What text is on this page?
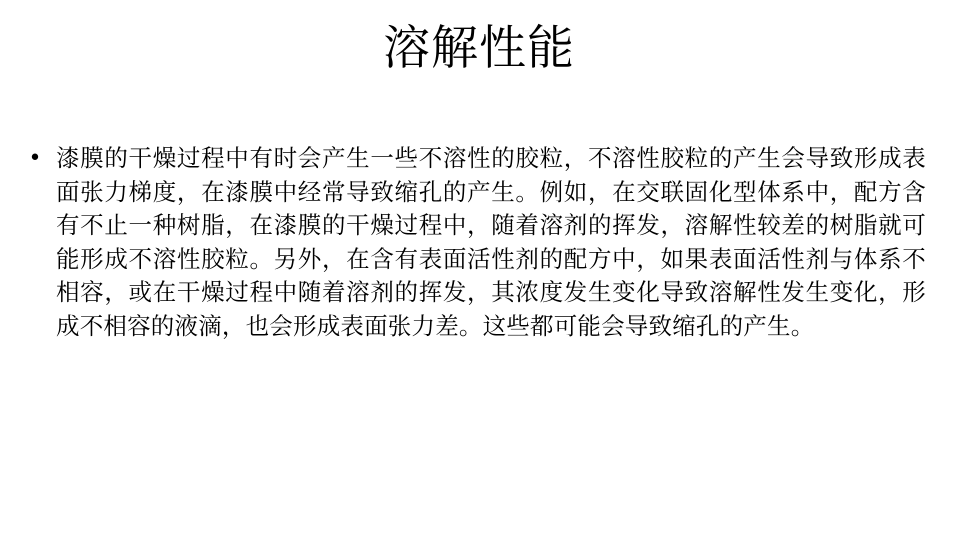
溶解性能
• 漆膜的干燥过程中有时会产生一些不溶性的胶粒，不溶性胶粒的产生会导致形成表面张力梯度，在漆膜中经常导致缩孔的产生。例如，在交联固化型体系中，配方含有不止一种树脂，在漆膜的干燥过程中，随着溶剂的挥发，溶解性较差的树脂就可能形成不溶性胶粒。另外，在含有表面活性剂的配方中，如果表面活性剂与体系不相容，或在干燥过程中随着溶剂的挥发，其浓度发生变化导致溶解性发生变化，形成不相容的液滴，也会形成表面张力差。这些都可能会导致缩孔的产生。
